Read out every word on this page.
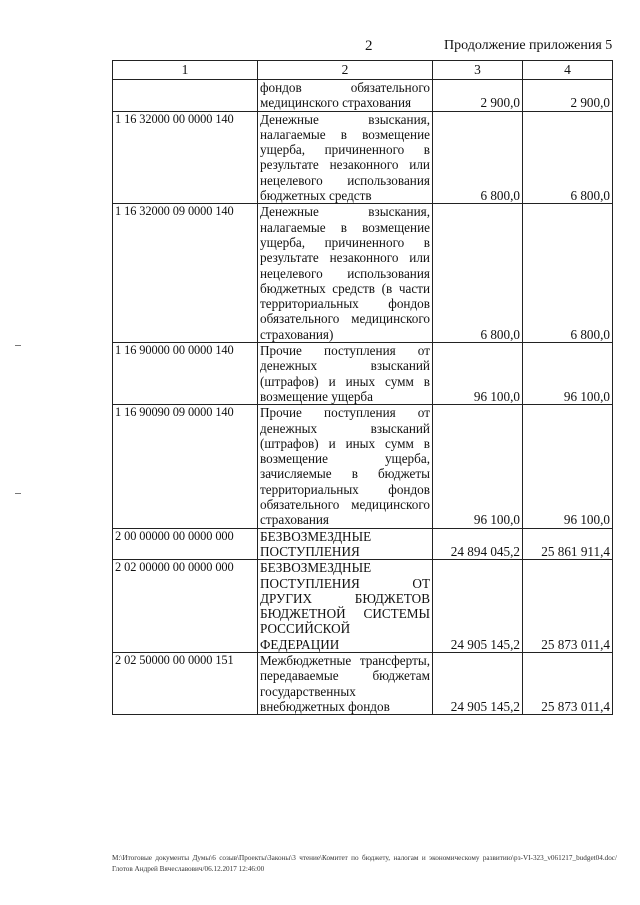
2	Продолжение приложения 5
1	2	3	4
	фондов обязательного медицинского страхования	2 900,0	2 900,0
1 16 32000 00 0000 140	Денежные взыскания, налагаемые в возмещение ущерба, причиненного в результате незаконного или нецелевого использования бюджетных средств	6 800,0	6 800,0
1 16 32000 09 0000 140	Денежные взыскания, налагаемые в возмещение ущерба, причиненного в результате незаконного или нецелевого использования бюджетных средств (в части территориальных фондов обязательного медицинского страхования)	6 800,0	6 800,0
1 16 90000 00 0000 140	Прочие поступления от денежных взысканий (штрафов) и иных сумм в возмещение ущерба	96 100,0	96 100,0
1 16 90090 09 0000 140	Прочие поступления от денежных взысканий (штрафов) и иных сумм в возмещение ущерба, зачисляемые в бюджеты территориальных фондов обязательного медицинского страхования	96 100,0	96 100,0
2 00 00000 00 0000 000	БЕЗВОЗМЕЗДНЫЕ ПОСТУПЛЕНИЯ	24 894 045,2	25 861 911,4
2 02 00000 00 0000 000	БЕЗВОЗМЕЗДНЫЕ ПОСТУПЛЕНИЯ ОТ ДРУГИХ БЮДЖЕТОВ БЮДЖЕТНОЙ СИСТЕМЫ РОССИЙСКОЙ ФЕДЕРАЦИИ	24 905 145,2	25 873 011,4
2 02 50000 00 0000 151	Межбюджетные трансферты, передаваемые бюджетам государственных внебюджетных фондов	24 905 145,2	25 873 011,4
M:\Итоговые документы Думы\6 созыв\Проекты\Законы\3 чтение\Комитет по бюджету, налогам и экономическому развитию\рз-VI-323_v061217_budget04.doc/Глотов Андрей Вячеславович/06.12.2017 12:46:00
